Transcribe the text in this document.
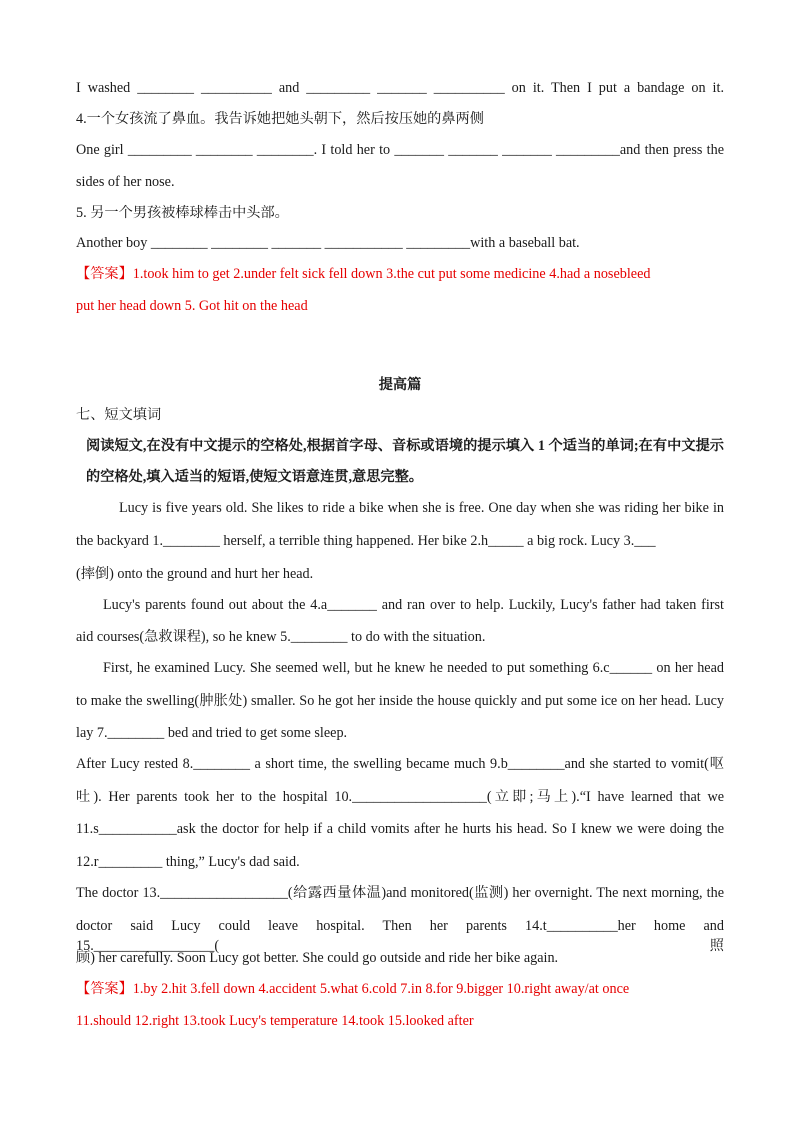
I washed ________ __________ and _________ _______ __________ on it. Then I put a bandage on it.
4.一个女孩流了鼻血。我告诉她把她头朝下，然后按压她的鼻两侧
One girl _________ ________ ________. I told her to _______ _______ _______ _________and then press the
sides of her nose.
5. 另一个男孩被棒球棒击中头部。
Another boy ________ ________ _______ ___________ _________with a baseball bat.
【答案】1.took him to get 2.under felt sick fell down 3.the cut put some medicine 4.had a nosebleed
put her head down 5. Got hit on the head
提高篇
七、短文填词
阅读短文,在没有中文提示的空格处,根据首字母、音标或语境的提示填入 1 个适当的单词;在有中文提示
的空格处,填入适当的短语,使短文语意连贯,意思完整。
Lucy is five years old. She likes to ride a bike when she is free. One day when she was riding her bike in
the backyard 1.________ herself, a terrible thing happened. Her bike 2.h_____ a big rock. Lucy 3.___
(摔倒) onto the ground and hurt her head.
Lucy's parents found out about the 4.a_______ and ran over to help. Luckily, Lucy's father had taken first
aid courses(急救课程), so he knew 5.________ to do with the situation.
First, he examined Lucy. She seemed well, but he knew he needed to put something 6.c______ on her head
to make the swelling(肿胀处) smaller. So he got her inside the house quickly and put some ice on her head. Lucy
lay 7.________ bed and tried to get some sleep.
After Lucy rested 8.________ a short time, the swelling became much 9.b________and she started to vomit(呕
吐). Her parents took her to the hospital 10.___________________(立即;马上).“I have learned that we
11.s___________ask the doctor for help if a child vomits after he hurts his head. So I knew we were doing the
12.r_________ thing,” Lucy's dad said.
The doctor 13.__________________(给露西量体温)and monitored(监测) her overnight. The next morning, the
doctor said Lucy could leave hospital. Then her parents 14.t__________her home and 15._________________(照
顾) her carefully. Soon Lucy got better. She could go outside and ride her bike again.
【答案】1.by 2.hit 3.fell down 4.accident 5.what 6.cold 7.in 8.for 9.bigger 10.right away/at once
11.should 12.right 13.took Lucy's temperature 14.took 15.looked after
